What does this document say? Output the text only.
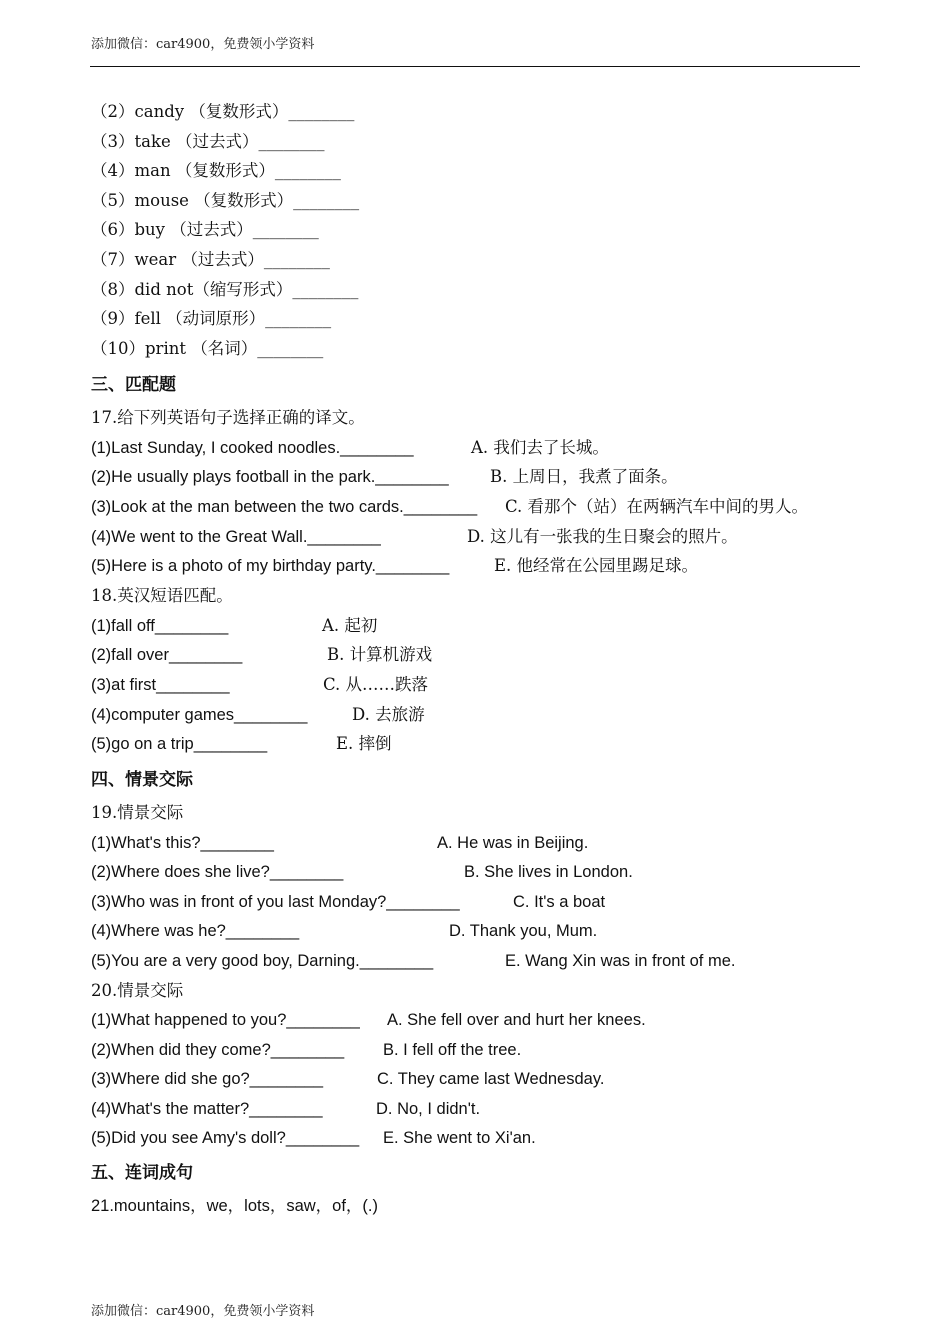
添加微信：car4900，免费领小学资料
（2）candy （复数形式）________
（3）take （过去式）________
（4）man （复数形式）________
（5）mouse （复数形式）________
（6）buy （过去式）________
（7）wear （过去式）________
（8）did not（缩写形式）________
（9）fell （动词原形）________
（10）print （名词）________
三、匹配题
17.给下列英语句子选择正确的译文。
(1)Last Sunday, I cooked noodles.________	A. 我们去了长城。
(2)He usually plays football in the park.________	B. 上周日，我煮了面条。
(3)Look at the man between the two cards.________ C. 看那个（站）在两辆汽车中间的男人。
(4)We went to the Great Wall.________	D. 这儿有一张我的生日聚会的照片。
(5)Here is a photo of my birthday party.________	E. 他经常在公园里踢足球。
18.英汉短语匹配。
(1)fall off________	A. 起初
(2)fall over________	B. 计算机游戏
(3)at first________	C. 从……跌落
(4)computer games________	D. 去旅游
(5)go on a trip________	E. 摔倒
四、情景交际
19.情景交际
(1)What's this?________	A. He was in Beijing.
(2)Where does she live?________	B. She lives in London.
(3)Who was in front of you last Monday?________	C. It's a boat
(4)Where was he?________	D. Thank you, Mum.
(5)You are a very good boy, Darning.________	E. Wang Xin was in front of me.
20.情景交际
(1)What happened to you?________ A. She fell over and hurt her knees.
(2)When did they come?________ B. I fell off the tree.
(3)Where did she go?________	C. They came last Wednesday.
(4)What's the matter?________	D. No, I didn't.
(5)Did you see Amy's doll?________ E. She went to Xi'an.
五、连词成句
21.mountains，we，lots，saw，of，(.)
添加微信：car4900，免费领小学资料
